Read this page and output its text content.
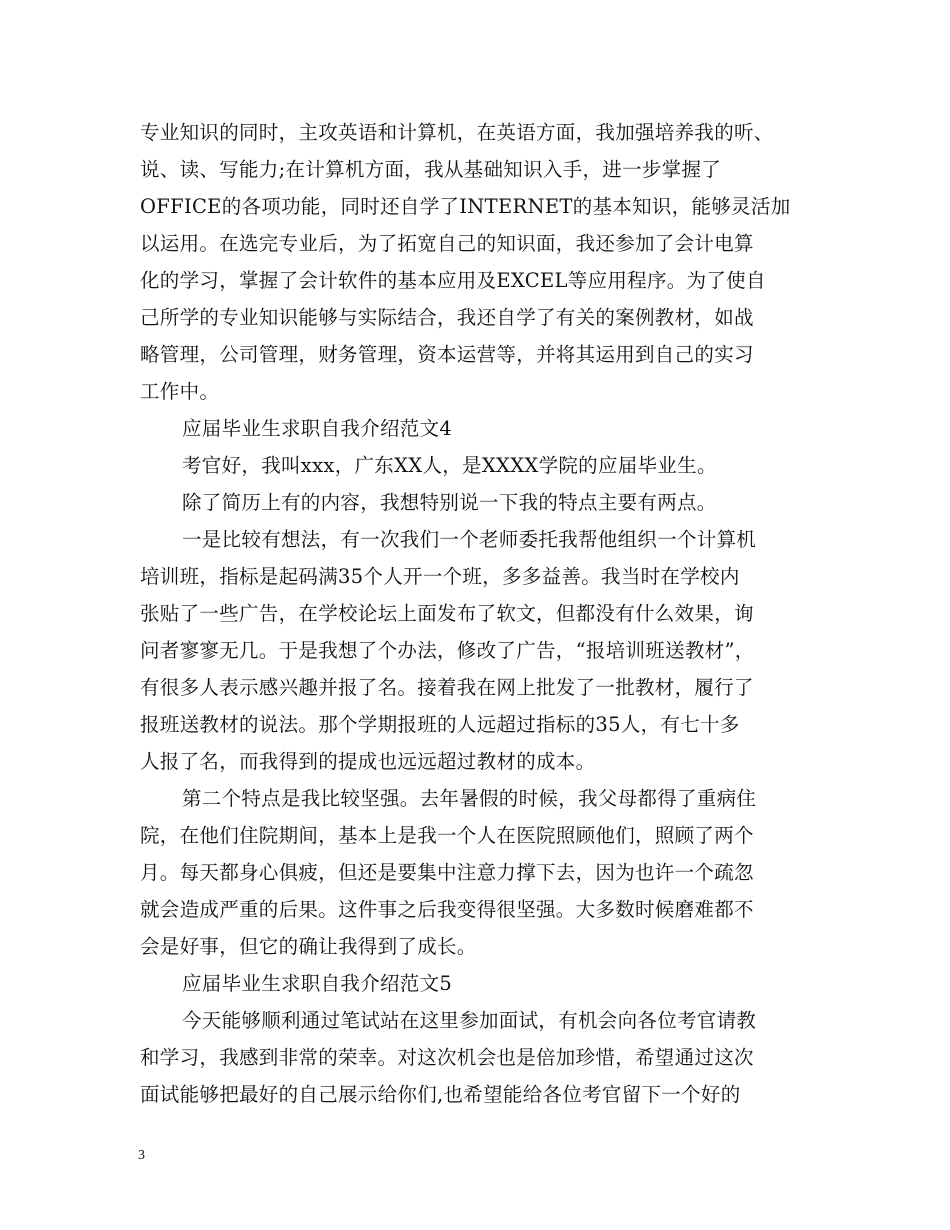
专业知识的同时，主攻英语和计算机，在英语方面，我加强培养我的听、
说、读、写能力;在计算机方面，我从基础知识入手，进一步掌握了
OFFICE的各项功能，同时还自学了INTERNET的基本知识，能够灵活加
以运用。在选完专业后，为了拓宽自己的知识面，我还参加了会计电算
化的学习，掌握了会计软件的基本应用及EXCEL等应用程序。为了使自
己所学的专业知识能够与实际结合，我还自学了有关的案例教材，如战
略管理，公司管理，财务管理，资本运营等，并将其运用到自己的实习
工作中。
应届毕业生求职自我介绍范文4
考官好，我叫xxx，广东XX人，是XXXX学院的应届毕业生。
除了简历上有的内容，我想特别说一下我的特点主要有两点。
一是比较有想法，有一次我们一个老师委托我帮他组织一个计算机
培训班，指标是起码满35个人开一个班，多多益善。我当时在学校内
张贴了一些广告，在学校论坛上面发布了软文，但都没有什么效果，询
问者寥寥无几。于是我想了个办法，修改了广告，“报培训班送教材”，
有很多人表示感兴趣并报了名。接着我在网上批发了一批教材，履行了
报班送教材的说法。那个学期报班的人远超过指标的35人，有七十多
人报了名，而我得到的提成也远远超过教材的成本。
第二个特点是我比较坚强。去年暑假的时候，我父母都得了重病住
院，在他们住院期间，基本上是我一个人在医院照顾他们，照顾了两个
月。每天都身心俱疲，但还是要集中注意力撑下去，因为也许一个疏忽
就会造成严重的后果。这件事之后我变得很坚强。大多数时候磨难都不
会是好事，但它的确让我得到了成长。
应届毕业生求职自我介绍范文5
今天能够顺利通过笔试站在这里参加面试，有机会向各位考官请教
和学习，我感到非常的荣幸。对这次机会也是倍加珍惜，希望通过这次
面试能够把最好的自己展示给你们,也希望能给各位考官留下一个好的
3
